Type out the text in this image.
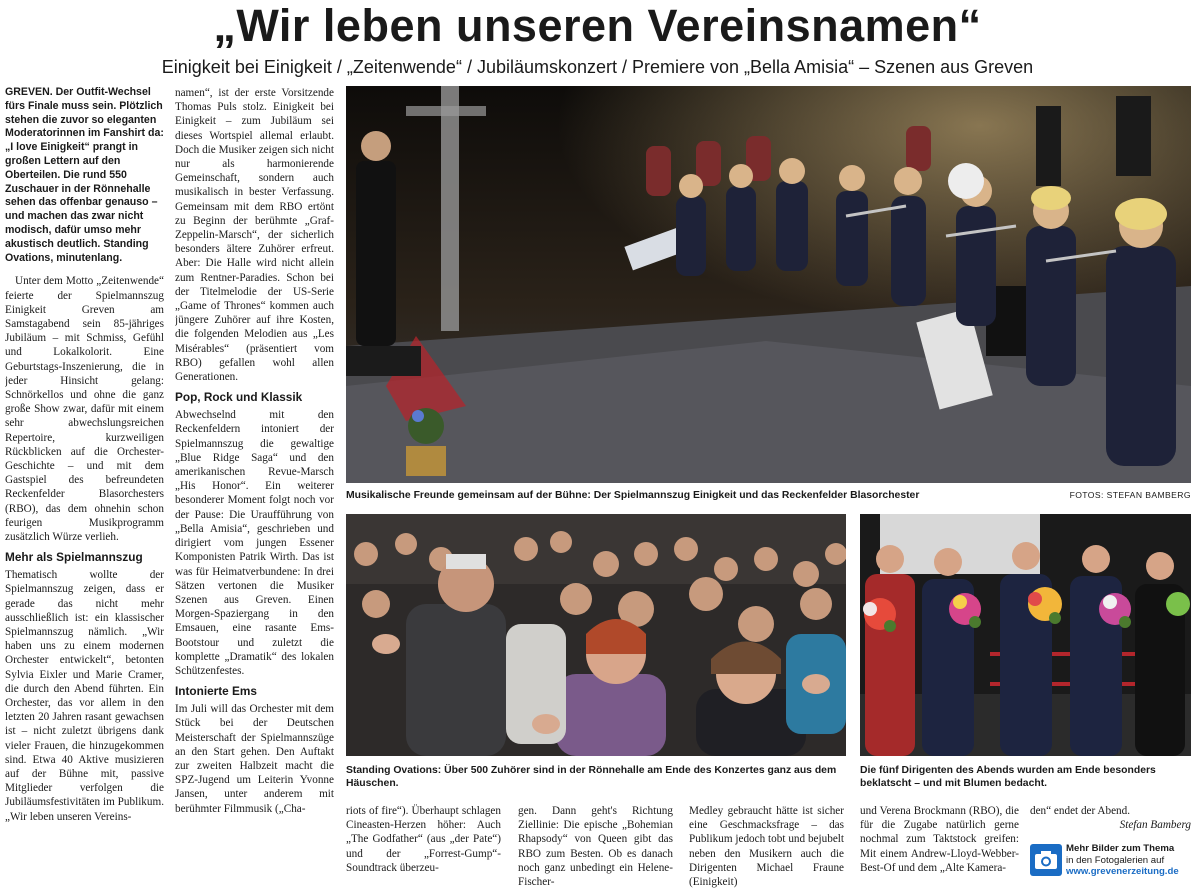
„Wir leben unseren Vereinsnamen“
Einigkeit bei Einigkeit / „Zeitenwende“ / Jubiläumskonzert / Premiere von „Bella Amisia“ – Szenen aus Greven
GREVEN. Der Outfit-Wechsel fürs Finale muss sein. Plötzlich stehen die zuvor so eleganten Moderatorinnen im Fanshirt da: „I love Einigkeit“ prangt in großen Lettern auf den Oberteilen. Die rund 550 Zuschauer in der Rönnehalle sehen das offenbar genauso – und machen das zwar nicht modisch, dafür umso mehr akustisch deutlich. Standing Ovations, minutenlang.

Unter dem Motto „Zeitenwende“ feierte der Spielmannszug Einigkeit Greven am Samstagabend sein 85-jähriges Jubiläum – mit Schmiss, Gefühl und Lokalkolorit. Eine Geburtstags-Inszenierung, die in jeder Hinsicht gelang: Schnörkellos und ohne die ganz große Show zwar, dafür mit einem sehr abwechslungsreichen Repertoire, kurzweiligen Rückblicken auf die Orchester-Geschichte – und mit dem Gastspiel des befreundeten Reckenfelder Blasorchesters (RBO), das dem ohnehin schon feurigen Musikprogramm zusätzlich Würze verlieh.

Mehr als Spielmannszug

Thematisch wollte der Spielmannszug zeigen, dass er gerade das nicht mehr ausschließlich ist: ein klassischer Spielmannszug nämlich. „Wir haben uns zu einem modernen Orchester entwickelt“, betonten Sylvia Eixler und Marie Cramer, die durch den Abend führten. Ein Orchester, das vor allem in den letzten 20 Jahren rasant gewachsen ist – nicht zuletzt übrigens dank vieler Frauen, die hinzugekommen sind. Etwa 40 Aktive musizieren auf der Bühne mit, passive Mitglieder verfolgen die Jubiläumsfestivitäten im Publikum. „Wir leben unseren Vereins-

namen“, ist der erste Vorsitzende Thomas Puls stolz. Einigkeit bei Einigkeit – zum Jubiläum sei dieses Wortspiel allemal erlaubt. Doch die Musiker zeigen sich nicht nur als harmonierende Gemeinschaft, sondern auch musikalisch in bester Verfassung. Gemeinsam mit dem RBO ertönt zu Beginn der berühmte „Graf-Zeppelin-Marsch“, der sicherlich besonders ältere Zuhörer erfreut. Aber: Die Halle wird nicht allein zum Rentner-Paradies. Schon bei der Titelmelodie der US-Serie „Game of Thrones“ kommen auch jüngere Zuhörer auf ihre Kosten, die folgenden Melodien aus „Les Misérables“ (präsentiert vom RBO) gefallen wohl allen Generationen.

Pop, Rock und Klassik

Abwechselnd mit den Reckenfeldern intoniert der Spielmannszug die gewaltige „Blue Ridge Saga“ und den amerikanischen Revue-Marsch „His Honor“. Ein weiterer besonderer Moment folgt noch vor der Pause: Die Uraufführung von „Bella Amisia“, geschrieben und dirigiert vom jungen Essener Komponisten Patrik Wirth. Das ist was für Heimatverbundene: In drei Sätzen vertonen die Musiker Szenen aus Greven. Einen Morgen-Spaziergang in den Emsauen, eine rasante Ems-Bootstour und zuletzt die komplette „Dramatik“ des lokalen Schützenfestes.

Intonierte Ems

Im Juli will das Orchester mit dem Stück bei der Deutschen Meisterschaft der Spielmannszüge an den Start gehen. Den Auftakt zur zweiten Halbzeit macht die SPZ-Jugend um Leiterin Yvonne Jansen, unter anderem mit berühmter Filmmusik („Cha-

Musikalische Freunde gemeinsam auf der Bühne: Der Spielmannszug Einigkeit und das Reckenfelder Blasorchester	FOTOS: STEFAN BAMBERG
Standing Ovations: Über 500 Zuhörer sind in der Rönnehalle am Ende des Konzertes ganz aus dem Häuschen.
Die fünf Dirigenten des Abends wurden am Ende besonders beklatscht – und mit Blumen bedacht.

riots of fire“). Überhaupt schlagen Cineasten-Herzen höher: Auch „The Godfather“ (aus „der Pate“) und der „Forrest-Gump“-Soundtrack überzeu-

gen. Dann geht's Richtung Ziellinie: Die epische „Bohemian Rhapsody“ von Queen gibt das RBO zum Besten. Ob es danach noch ganz unbedingt ein Helene-Fischer-

Medley gebraucht hätte ist sicher eine Geschmacksfrage – das Publikum jedoch tobt und bejubelt neben den Musikern auch die Dirigenten Michael Fraune (Einigkeit)

und Verena Brockmann (RBO), die für die Zugabe natürlich gerne nochmal zum Taktstock greifen: Mit einem Andrew-Lloyd-Webber-Best-Of und dem „Alte Kamera-

den“ endet der Abend.

Stefan Bamberg
Mehr Bilder zum Thema
in den Fotogalerien auf
www.grevenerzeitung.de
